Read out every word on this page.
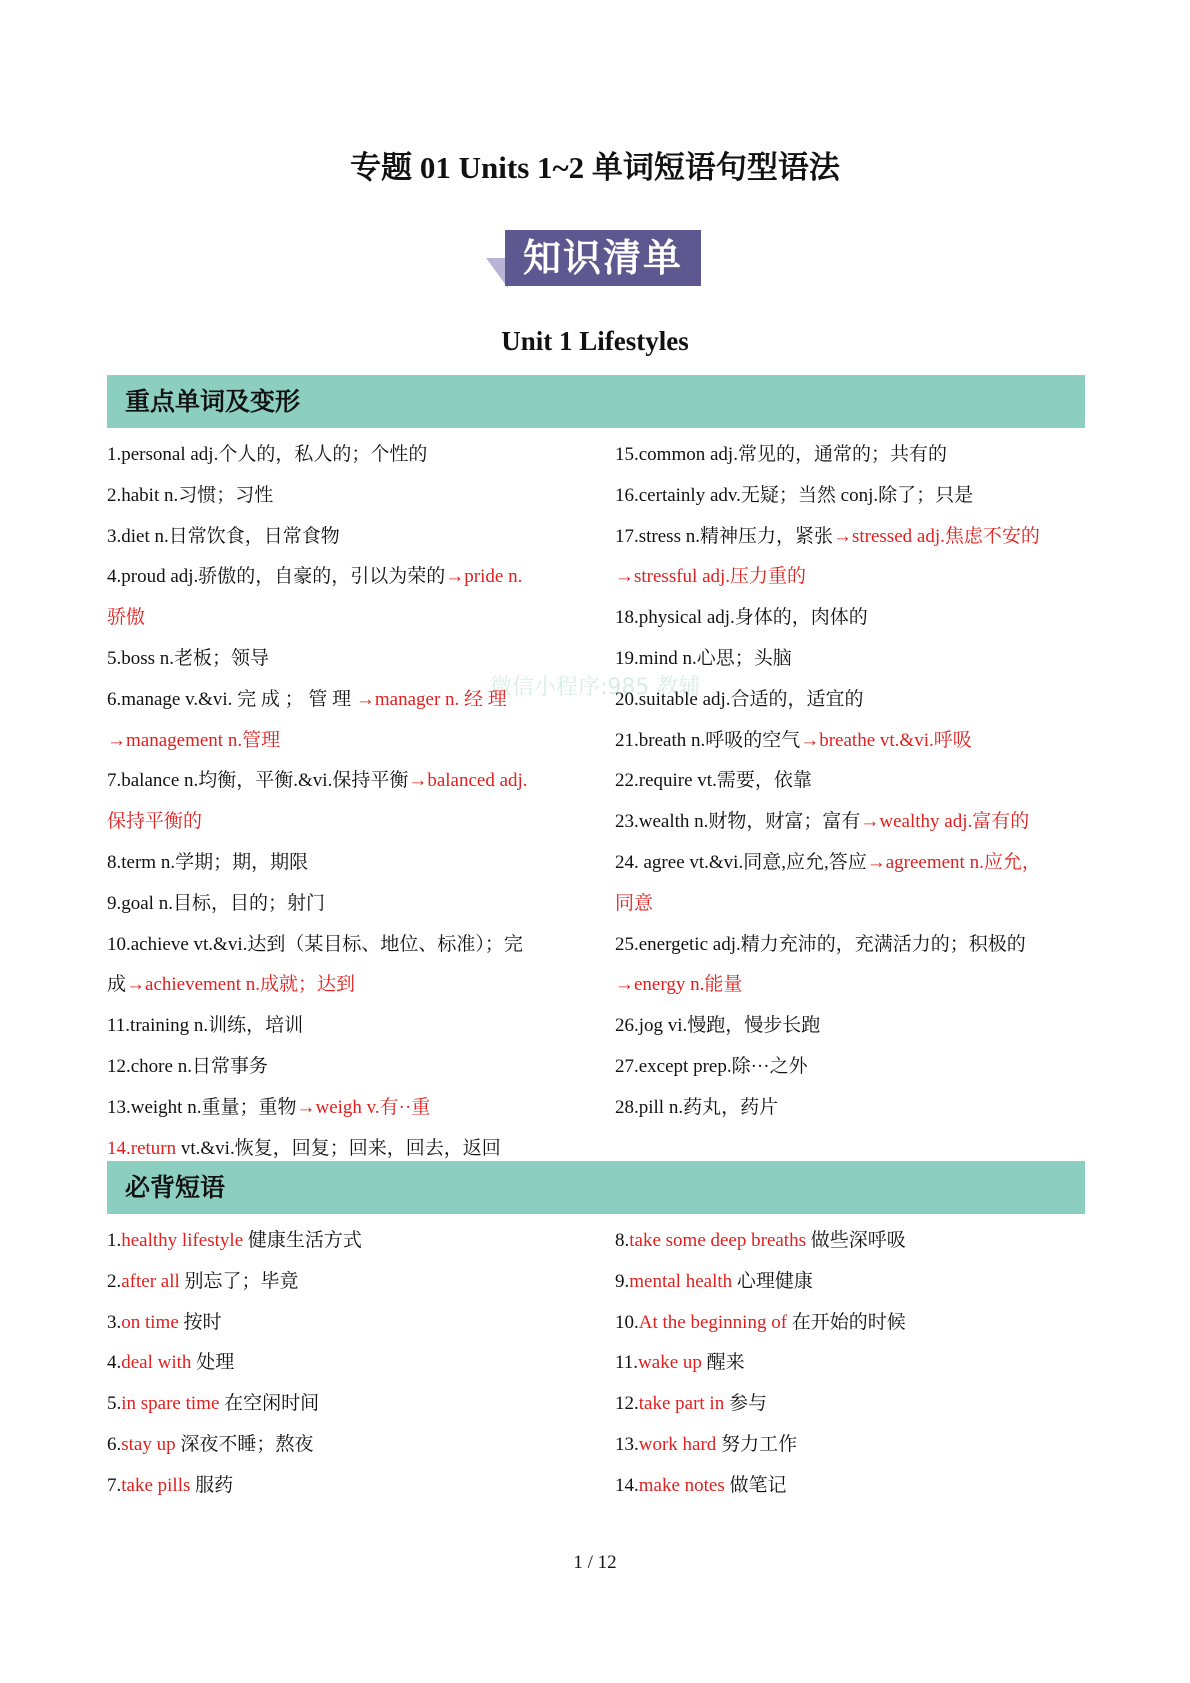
专题 01 Units 1~2 单词短语句型语法
知识清单
Unit 1 Lifestyles
重点单词及变形
微信小程序:985 教辅
1.personal adj.个人的，私人的；个性的
2.habit n.习惯；习性
3.diet n.日常饮食，日常食物
4.proud adj.骄傲的，自豪的，引以为荣的→pride n.
骄傲
5.boss n.老板；领导
6.manage v.&vi. 完 成 ； 管 理 →manager n. 经 理
→management n.管理
7.balance n.均衡，平衡.&vi.保持平衡→balanced adj.
保持平衡的
8.term n.学期；期，期限
9.goal n.目标，目的；射门
10.achieve vt.&vi.达到（某目标、地位、标准）；完
成→achievement n.成就；达到
11.training n.训练，培训
12.chore n.日常事务
13.weight n.重量；重物→weigh v.有··重
14.return vt.&vi.恢复，回复；回来，回去，返回
15.common adj.常见的，通常的；共有的
16.certainly adv.无疑；当然 conj.除了；只是
17.stress n.精神压力，紧张→stressed adj.焦虑不安的
→stressful adj.压力重的
18.physical adj.身体的，肉体的
19.mind n.心思；头脑
20.suitable adj.合适的，适宜的
21.breath n.呼吸的空气→breathe vt.&vi.呼吸
22.require vt.需要，依靠
23.wealth n.财物，财富；富有→wealthy adj.富有的
24. agree vt.&vi.同意,应允,答应→agreement n.应允，
同意
25.energetic adj.精力充沛的，充满活力的；积极的
→energy n.能量
26.jog vi.慢跑，慢步长跑
27.except prep.除···之外
28.pill n.药丸，药片
必背短语
1.healthy lifestyle 健康生活方式
2.after all 别忘了；毕竟
3.on time 按时
4.deal with 处理
5.in spare time 在空闲时间
6.stay up 深夜不睡；熬夜
7.take pills 服药
8.take some deep breaths 做些深呼吸
9.mental health 心理健康
10.At the beginning of 在开始的时候
11.wake up 醒来
12.take part in 参与
13.work hard 努力工作
14.make notes 做笔记
1 / 12
